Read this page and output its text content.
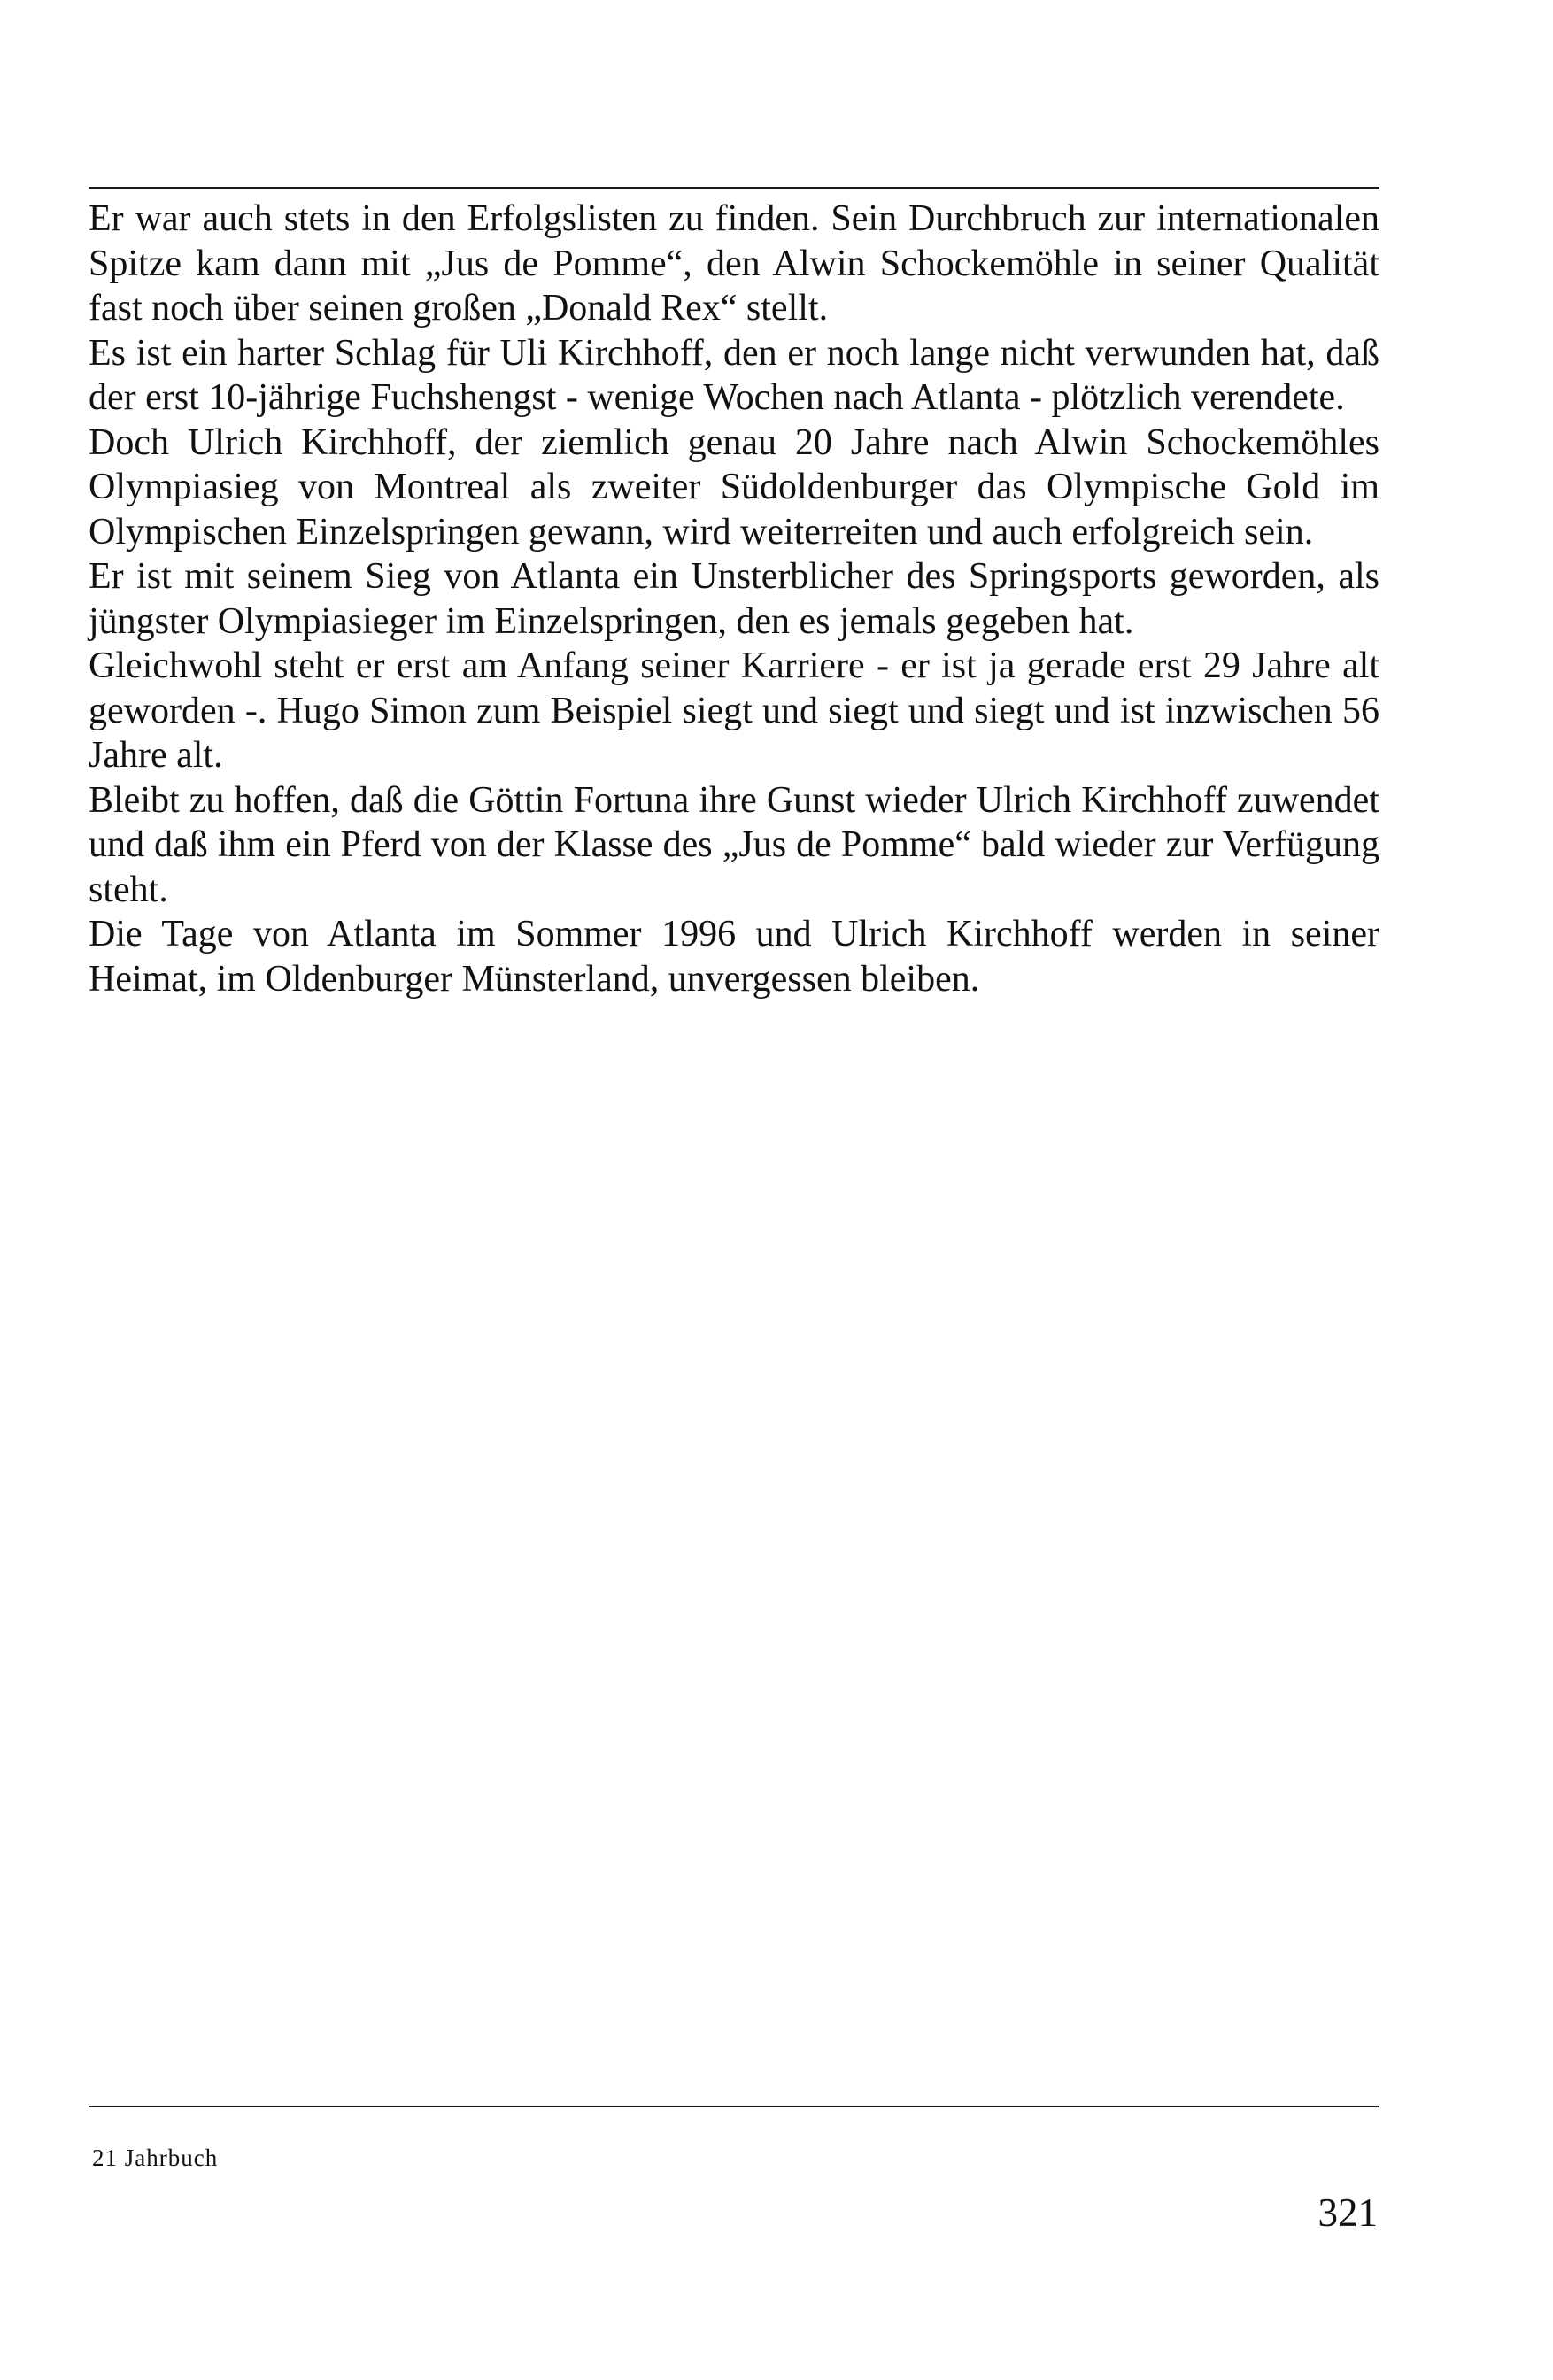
Er war auch stets in den Erfolgslisten zu finden. Sein Durchbruch zur internationalen Spitze kam dann mit „Jus de Pomme“, den Alwin Schockemöhle in seiner Qualität fast noch über seinen großen „Donald Rex“ stellt.

Es ist ein harter Schlag für Uli Kirchhoff, den er noch lange nicht verwunden hat, daß der erst 10-jährige Fuchshengst - wenige Wochen nach Atlanta - plötzlich verendete.

Doch Ulrich Kirchhoff, der ziemlich genau 20 Jahre nach Alwin Schockemöhles Olympiasieg von Montreal als zweiter Südoldenburger das Olympische Gold im Olympischen Einzelspringen gewann, wird weiterreiten und auch erfolgreich sein.

Er ist mit seinem Sieg von Atlanta ein Unsterblicher des Springsports geworden, als jüngster Olympiasieger im Einzelspringen, den es jemals gegeben hat.

Gleichwohl steht er erst am Anfang seiner Karriere - er ist ja gerade erst 29 Jahre alt geworden -. Hugo Simon zum Beispiel siegt und siegt und siegt und ist inzwischen 56 Jahre alt.

Bleibt zu hoffen, daß die Göttin Fortuna ihre Gunst wieder Ulrich Kirchhoff zuwendet und daß ihm ein Pferd von der Klasse des „Jus de Pomme“ bald wieder zur Verfügung steht.

Die Tage von Atlanta im Sommer 1996 und Ulrich Kirchhoff werden in seiner Heimat, im Oldenburger Münsterland, unvergessen bleiben.

21 Jahrbuch
321
